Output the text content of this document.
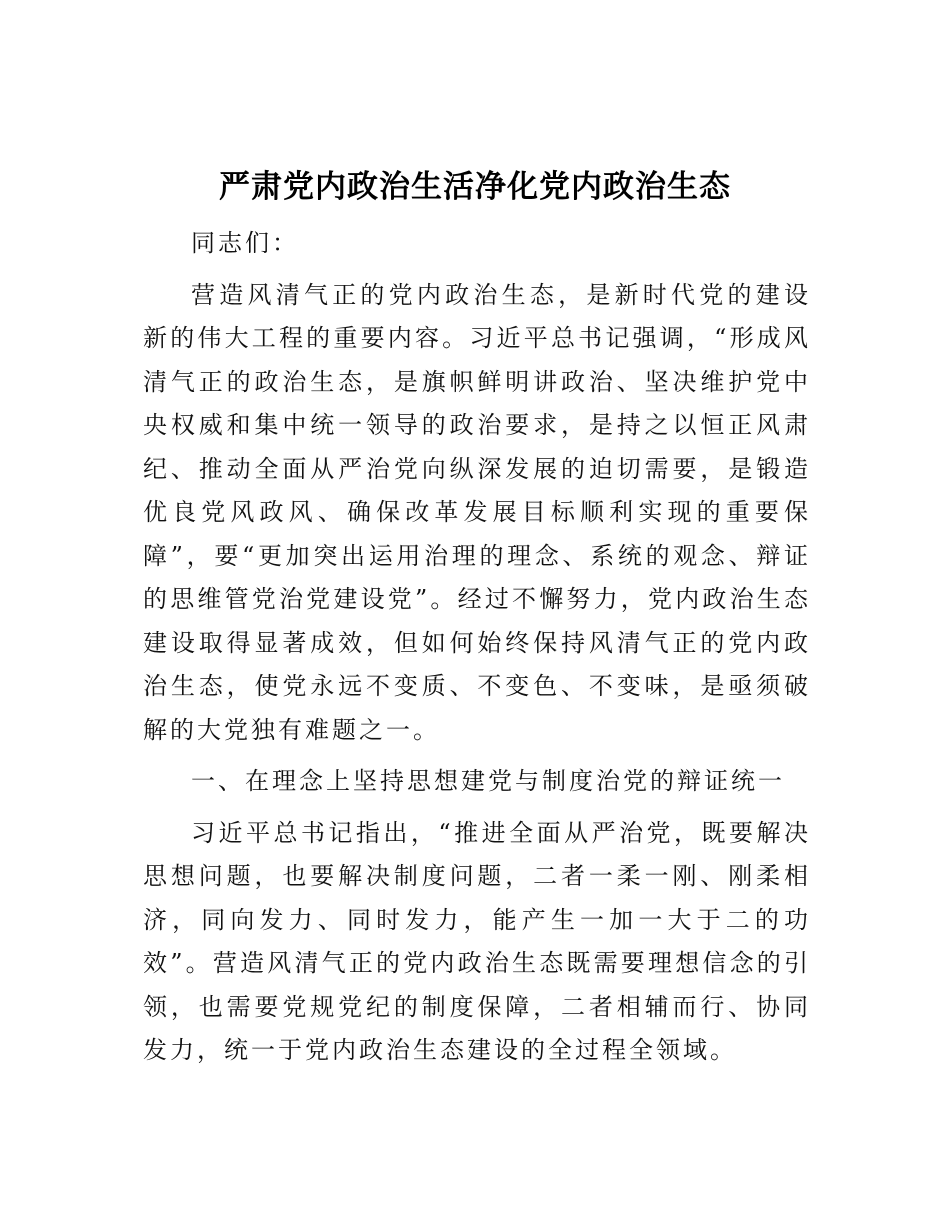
严肃党内政治生活净化党内政治生态

同志们：

营造风清气正的党内政治生态，是新时代党的建设新的伟大工程的重要内容。习近平总书记强调，“形成风清气正的政治生态，是旗帜鲜明讲政治、坚决维护党中央权威和集中统一领导的政治要求，是持之以恒正风肃纪、推动全面从严治党向纵深发展的迫切需要，是锻造优良党风政风、确保改革发展目标顺利实现的重要保障”，要“更加突出运用治理的理念、系统的观念、辩证的思维管党治党建设党”。经过不懈努力，党内政治生态建设取得显著成效，但如何始终保持风清气正的党内政治生态，使党永远不变质、不变色、不变味，是亟须破解的大党独有难题之一。

一、在理念上坚持思想建党与制度治党的辩证统一

习近平总书记指出，“推进全面从严治党，既要解决思想问题，也要解决制度问题，二者一柔一刚、刚柔相济，同向发力、同时发力，能产生一加一大于二的功效”。营造风清气正的党内政治生态既需要理想信念的引领，也需要党规党纪的制度保障，二者相辅而行、协同发力，统一于党内政治生态建设的全过程全领域。
